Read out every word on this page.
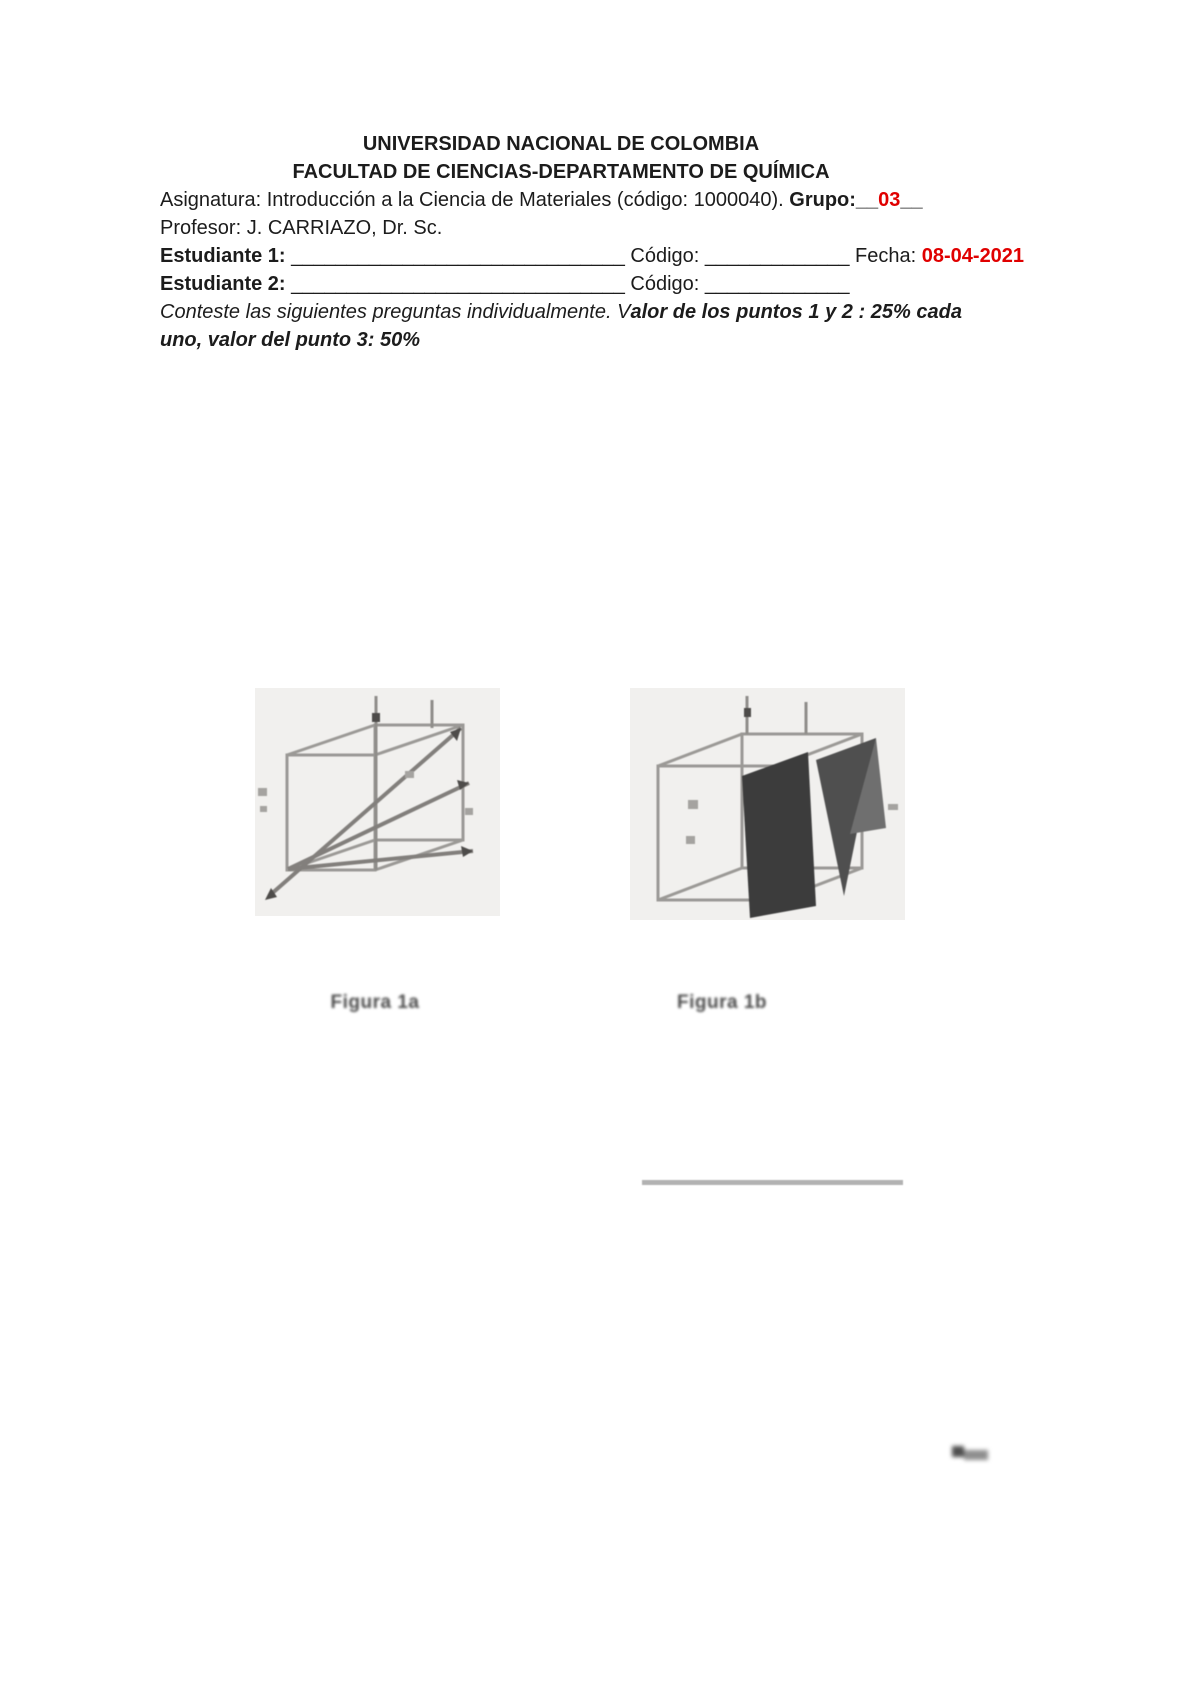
UNIVERSIDAD NACIONAL DE COLOMBIA

FACULTAD DE CIENCIAS-DEPARTAMENTO DE QUÍMICA

Asignatura: Introducción a la Ciencia de Materiales (código: 1000040). Grupo:__03__

Profesor: J. CARRIAZO, Dr. Sc.

Estudiante 1: ______________________________ Código: _____________ Fecha: 08-04-2021

Estudiante 2: ______________________________ Código: _____________

Conteste las siguientes preguntas individualmente. Valor de los puntos 1 y 2 : 25% cada uno, valor del punto 3: 50%

Figura 1a	Figura 1b
